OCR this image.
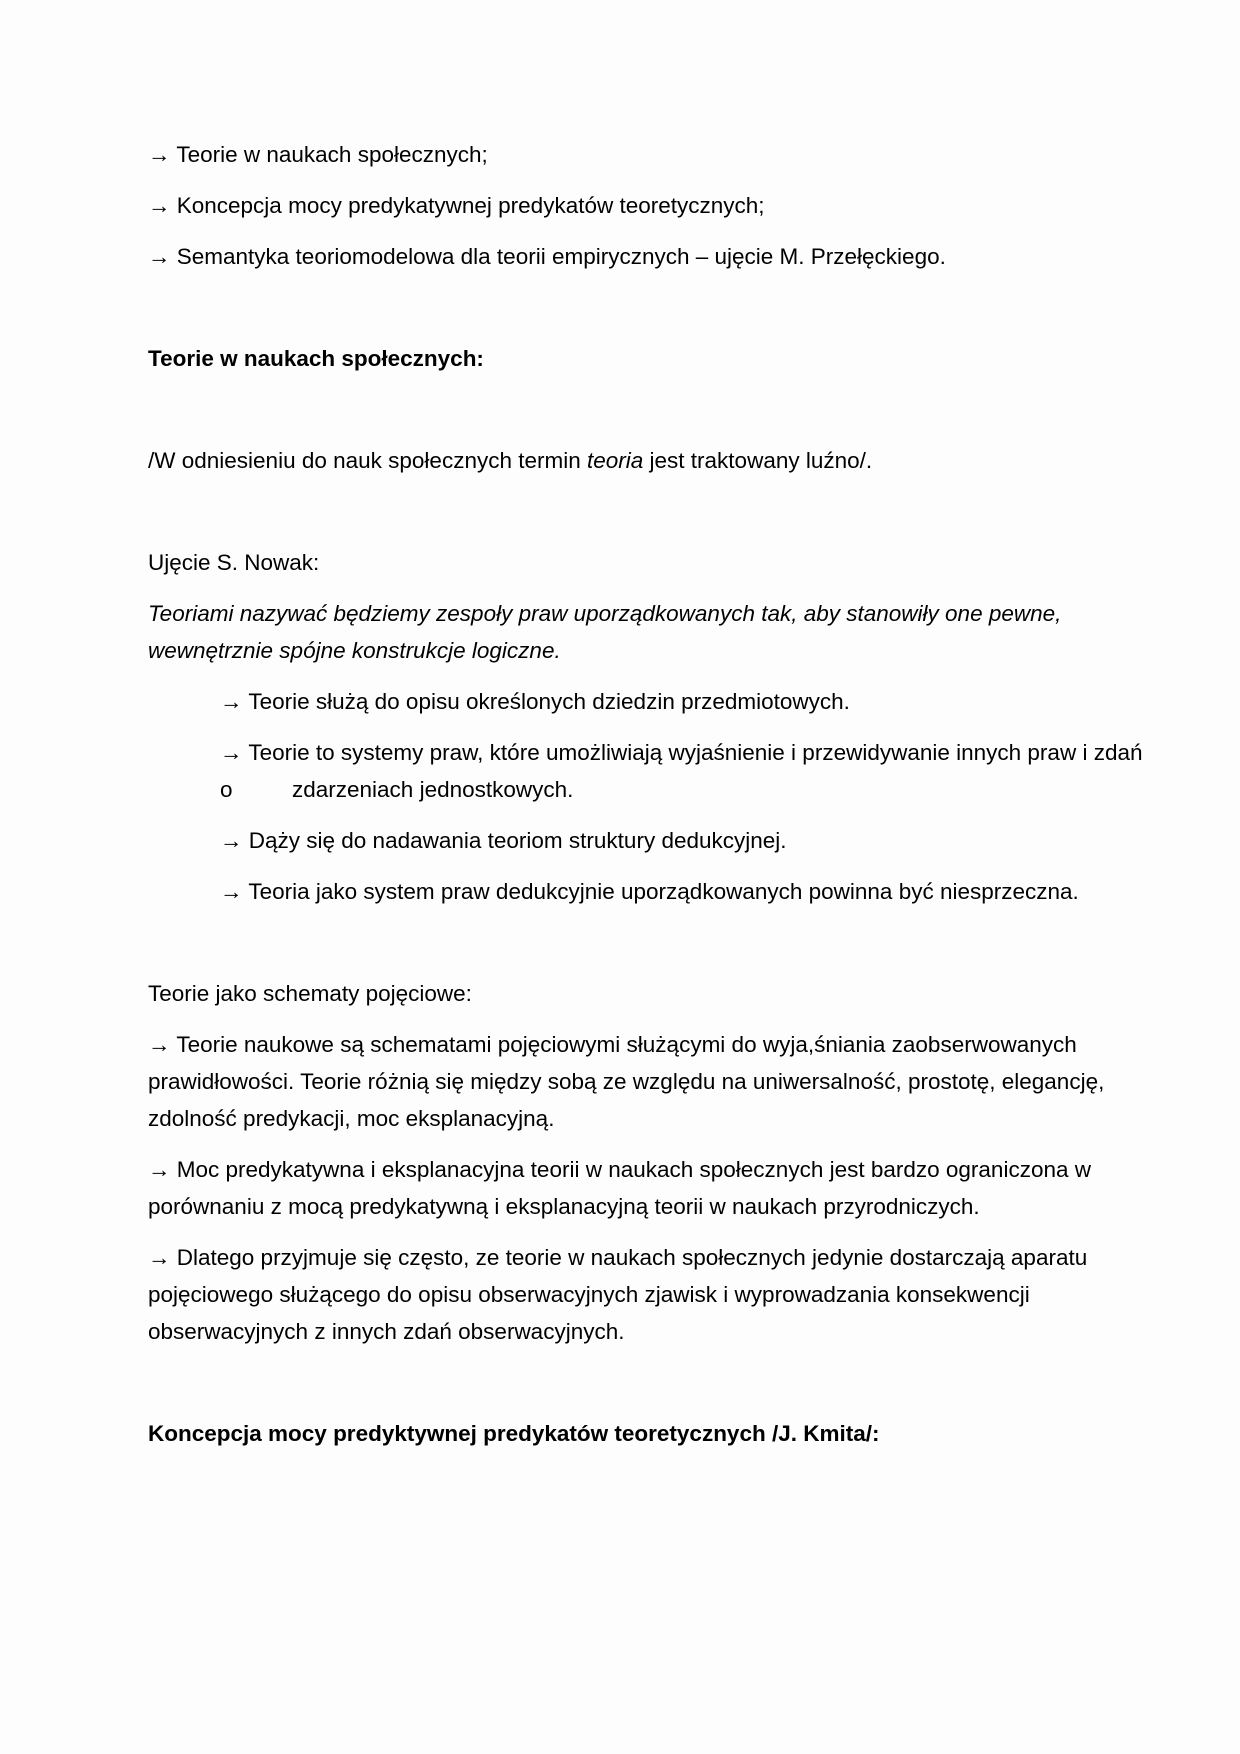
→ Teorie w naukach społecznych;
→ Koncepcja mocy predykatywnej predykatów teoretycznych;
→ Semantyka teoriomodelowa dla teorii empirycznych – ujęcie M. Przełęckiego.
Teorie w naukach społecznych:
/W odniesieniu do nauk społecznych termin teoria jest traktowany luźno/.
Ujęcie S. Nowak:
Teoriami nazywać będziemy zespoły praw uporządkowanych tak, aby stanowiły one pewne,
wewnętrznie spójne konstrukcje logiczne.
→ Teorie służą do opisu określonych dziedzin przedmiotowych.
→ Teorie to systemy praw, które umożliwiają wyjaśnienie i przewidywanie innych praw i zdań
o	zdarzeniach jednostkowych.
→ Dąży się do nadawania teoriom struktury dedukcyjnej.
→ Teoria jako system praw dedukcyjnie uporządkowanych powinna być niesprzeczna.
Teorie jako schematy pojęciowe:
→ Teorie naukowe są schematami pojęciowymi służącymi do wyja,śniania zaobserwowanych
prawidłowości. Teorie różnią się między sobą ze względu na uniwersalność, prostotę, elegancję,
zdolność predykacji, moc eksplanacyjną.
→ Moc predykatywna i eksplanacyjna teorii w naukach społecznych jest bardzo ograniczona w
porównaniu z mocą predykatywną i eksplanacyjną teorii w naukach przyrodniczych.
→ Dlatego przyjmuje się często, ze teorie w naukach społecznych jedynie dostarczają aparatu
pojęciowego służącego do opisu obserwacyjnych zjawisk i wyprowadzania konsekwencji
obserwacyjnych z innych zdań obserwacyjnych.
Koncepcja mocy predyktywnej predykatów teoretycznych /J. Kmita/:
